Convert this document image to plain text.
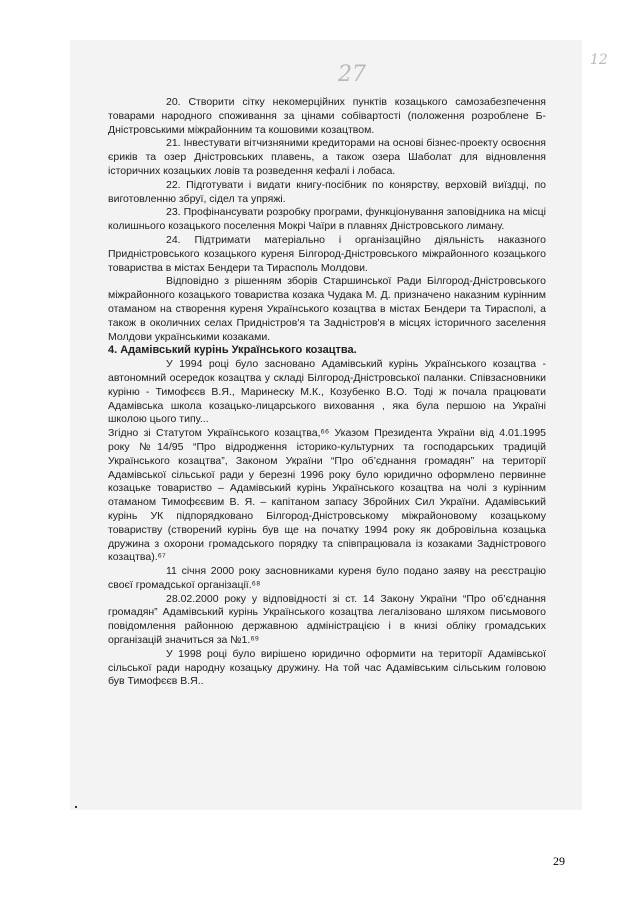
27
12

20. Створити сітку некомерційних пунктів козацького самозабезпечення товарами народного споживання за цінами собівартості (положення розроблене Б-Дністровськими міжрайонним та кошовими козацтвом.

21. Інвестувати вітчизняними кредиторами на основі бізнес-проекту освоєння єриків та озер Дністровських плавень, а також озера Шаболат для відновлення історичних козацьких ловів та розведення кефалі і лобаса.

22. Підготувати і видати книгу-посібник по конярству, верховій виїздці, по виготовленню збруї, сідел та упряжі.

23. Профінансувати розробку програми, функціонування заповідника на місці колишнього козацького поселення Мокрі Чаїри в плавнях Дністровського лиману.

24. Підтримати матеріально і організаційно діяльність наказного Придністровського козацького куреня Білгород-Дністровського міжрайонного козацького товариства в містах Бендери та Тирасполь Молдови.

Відповідно з рішенням зборів Старшинської Ради Білгород-Дністровського міжрайонного козацького товариства козака Чудака М. Д. призначено наказним курінним отаманом на створення куреня Українського козацтва в містах Бендери та Тирасполі, а також в околичних селах Придністров'я та Задністров'я в місцях історичного заселення Молдови українськими козаками.

4. Адамівський курінь Українського козацтва.

У 1994 році було засновано Адамівський курінь Українського козацтва - автономний осередок козацтва у складі Білгород-Дністровської паланки. Співзасновники куріню - Тимофєєв В.Я., Маринеску М.К., Козубенко В.О. Тоді ж почала працювати Адамівська школа козацько-лицарського виховання , яка була першою на Україні школою цього типу...

Згідно зі Статутом Українського козацтва,⁶⁶ Указом Президента України від 4.01.1995 року №14/95 “Про відродження історико-культурних та господарських традицій Українського козацтва”, Законом України “Про об’єднання громадян” на території Адамівської сільської ради у березні 1996 року було юридично оформлено первинне козацьке товариство – Адамівський курінь Українського козацтва на чолі з курінним отаманом Тимофєєвим В. Я. – капітаном запасу Збройних Сил України. Адамівський курінь УК підпорядковано Білгород-Дністровському міжрайоновому козацькому товариству (створений курінь був ще на початку 1994 року як добровільна козацька дружина з охорони громадського порядку та співпрацювала із козаками Задністрового козацтва).⁶⁷

11 січня 2000 року засновниками куреня було подано заяву на реєстрацію своєї громадської організації.⁶⁸

28.02.2000 року у відповідності зі ст. 14 Закону України “Про об’єднання громадян” Адамівський курінь Українського козацтва легалізовано шляхом письмового повідомлення районною державною адміністрацією і в книзі обліку громадських організацій значиться за №1.⁶⁹

У 1998 році було вирішено юридично оформити на території Адамівської сільської ради народну козацьку дружину. На той час Адамівським сільським головою був Тимофєєв В.Я..

29
